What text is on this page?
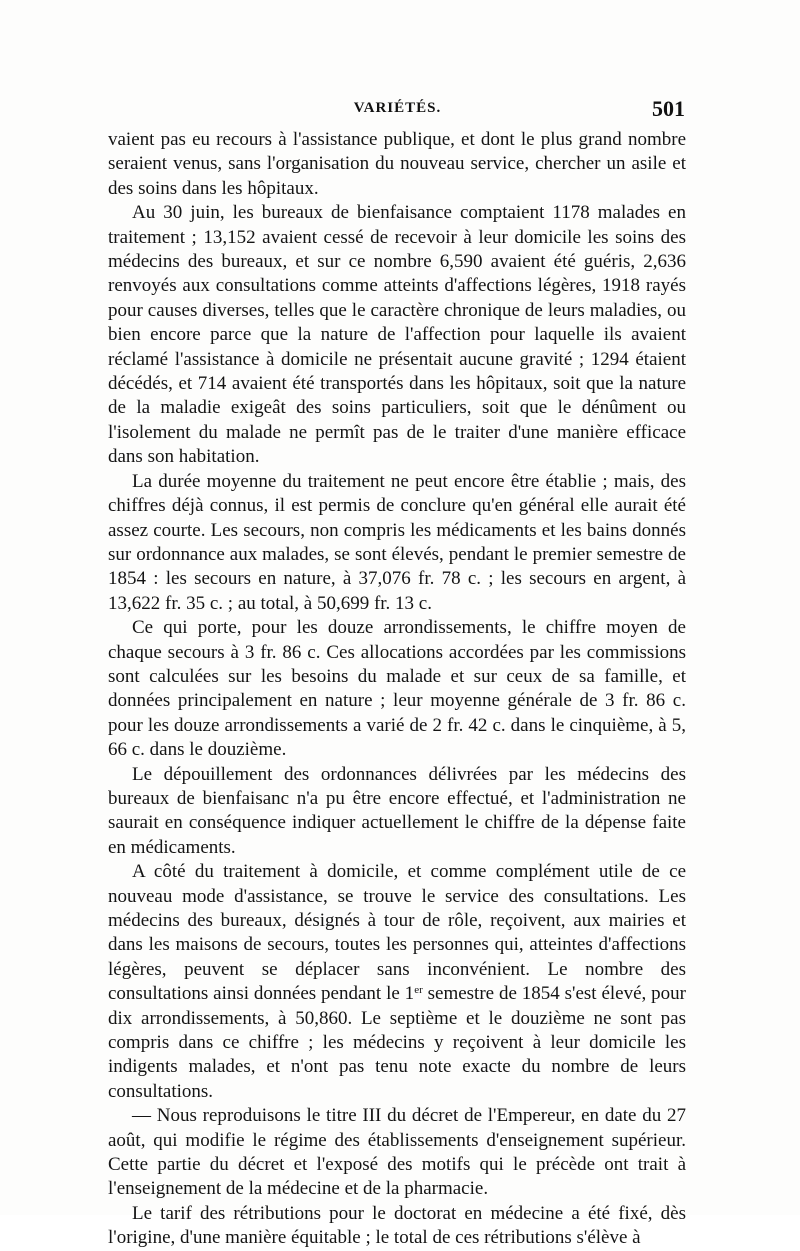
VARIÉTÉS.	501

vaient pas eu recours à l'assistance publique, et dont le plus grand nombre seraient venus, sans l'organisation du nouveau service, chercher un asile et des soins dans les hôpitaux.

Au 30 juin, les bureaux de bienfaisance comptaient 1178 malades en traitement ; 13,152 avaient cessé de recevoir à leur domicile les soins des médecins des bureaux, et sur ce nombre 6,590 avaient été guéris, 2,636 renvoyés aux consultations comme atteints d'affections légères, 1918 rayés pour causes diverses, telles que le caractère chronique de leurs maladies, ou bien encore parce que la nature de l'affection pour laquelle ils avaient réclamé l'assistance à domicile ne présentait aucune gravité ; 1294 étaient décédés, et 714 avaient été transportés dans les hôpitaux, soit que la nature de la maladie exigeât des soins particuliers, soit que le dénûment ou l'isolement du malade ne permît pas de le traiter d'une manière efficace dans son habitation.

La durée moyenne du traitement ne peut encore être établie ; mais, des chiffres déjà connus, il est permis de conclure qu'en général elle aurait été assez courte. Les secours, non compris les médicaments et les bains donnés sur ordonnance aux malades, se sont élevés, pendant le premier semestre de 1854 : les secours en nature, à 37,076 fr. 78 c. ; les secours en argent, à 13,622 fr. 35 c. ; au total, à 50,699 fr. 13 c.

Ce qui porte, pour les douze arrondissements, le chiffre moyen de chaque secours à 3 fr. 86 c. Ces allocations accordées par les commissions sont calculées sur les besoins du malade et sur ceux de sa famille, et données principalement en nature ; leur moyenne générale de 3 fr. 86 c. pour les douze arrondissements a varié de 2 fr. 42 c. dans le cinquième, à 5, 66 c. dans le douzième.

Le dépouillement des ordonnances délivrées par les médecins des bureaux de bienfaisanc n'a pu être encore effectué, et l'administration ne saurait en conséquence indiquer actuellement le chiffre de la dépense faite en médicaments.

A côté du traitement à domicile, et comme complément utile de ce nouveau mode d'assistance, se trouve le service des consultations. Les médecins des bureaux, désignés à tour de rôle, reçoivent, aux mairies et dans les maisons de secours, toutes les personnes qui, atteintes d'affections légères, peuvent se déplacer sans inconvénient. Le nombre des consultations ainsi données pendant le 1er semestre de 1854 s'est élevé, pour dix arrondissements, à 50,860. Le septième et le douzième ne sont pas compris dans ce chiffre ; les médecins y reçoivent à leur domicile les indigents malades, et n'ont pas tenu note exacte du nombre de leurs consultations.

— Nous reproduisons le titre III du décret de l'Empereur, en date du 27 août, qui modifie le régime des établissements d'enseignement supérieur. Cette partie du décret et l'exposé des motifs qui le précède ont trait à l'enseignement de la médecine et de la pharmacie.

Le tarif des rétributions pour le doctorat en médecine a été fixé, dès l'origine, d'une manière équitable ; le total de ces rétributions s'élève à
